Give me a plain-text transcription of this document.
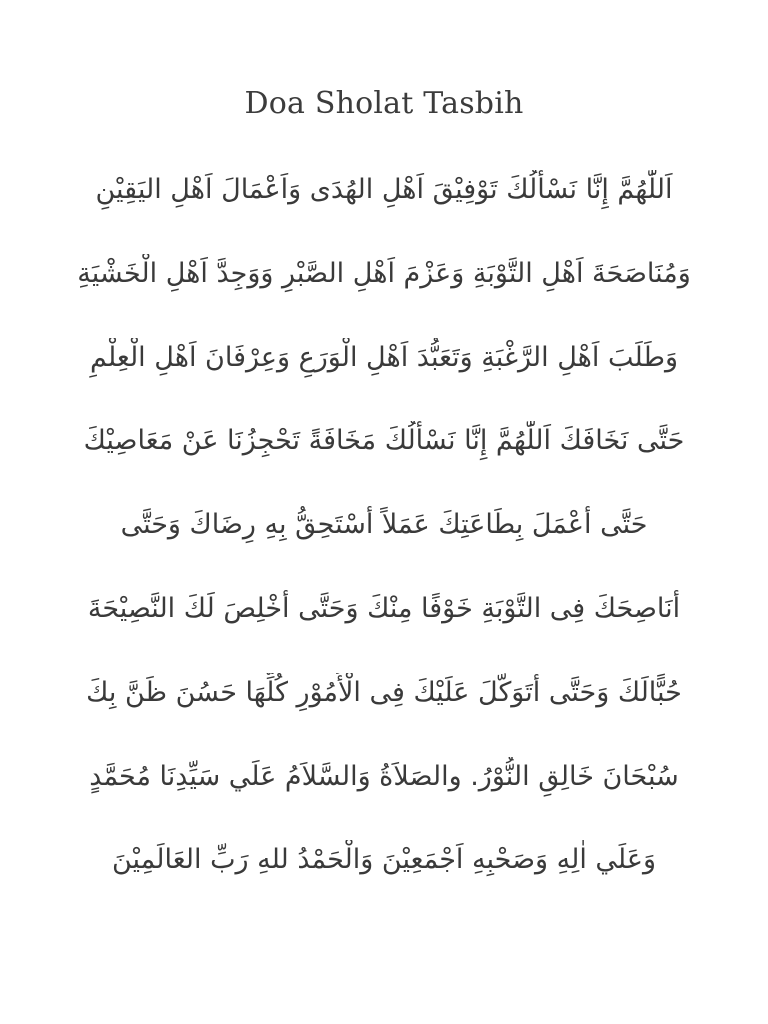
Doa Sholat Tasbih
اَللّٰهُمَّ إِنَّا نَسْأَلُكَ تَوْفِيْقَ اَهْلِ الهُدَى وَاَعْمَالَ اَهْلِ اليَقِيْنِ
وَمُنَاصَحَةَ اَهْلِ التَّوْبَةِ وَعَزْمَ اَهْلِ الصَّبْرِ وَوَجِدَّ اَهْلِ الْخَشْيَةِ
وَطَلَبَ اَهْلِ الرَّغْبَةِ وَتَعَبُّدَ اَهْلِ الْوَرَعِ وَعِرْفَانَ اَهْلِ الْعِلْمِ
حَتَّى نَخَافَكَ اَللّٰهُمَّ إِنَّا نَسْأَلُكَ مَخَافَةً تَحْجِزُنَا عَنْ مَعَاصِيْكَ
حَتَّى أَعْمَلَ بِطَاعَتِكَ عَمَلاً أَسْتَحِقُّ بِهِ رِضَاكَ وَحَتَّى
أَنَاصِحَكَ فِى التَّوْبَةِ خَوْفًا مِنْكَ وَحَتَّى أُخْلِصَ لَكَ النَّصِيْحَةَ
حُبًّالَكَ وَحَتَّى أَتَوَكَّلَ عَلَيْكَ فِى الْأُمُوْرِ كُلِّهَا حَسُنَ ظَنَّ بِكَ
سُبْحَانَ خَالِقِ النُّوْرُ. والصَلاَةُ وَالسَّلاَمُ عَلَي سَيِّدِنَا مُحَمَّدٍ
وَعَلَي اٰلِهِ وَصَحْبِهِ اَجْمَعِيْنَ وَالْحَمْدُ للهِ رَبِّ العَالَمِيْنَ
